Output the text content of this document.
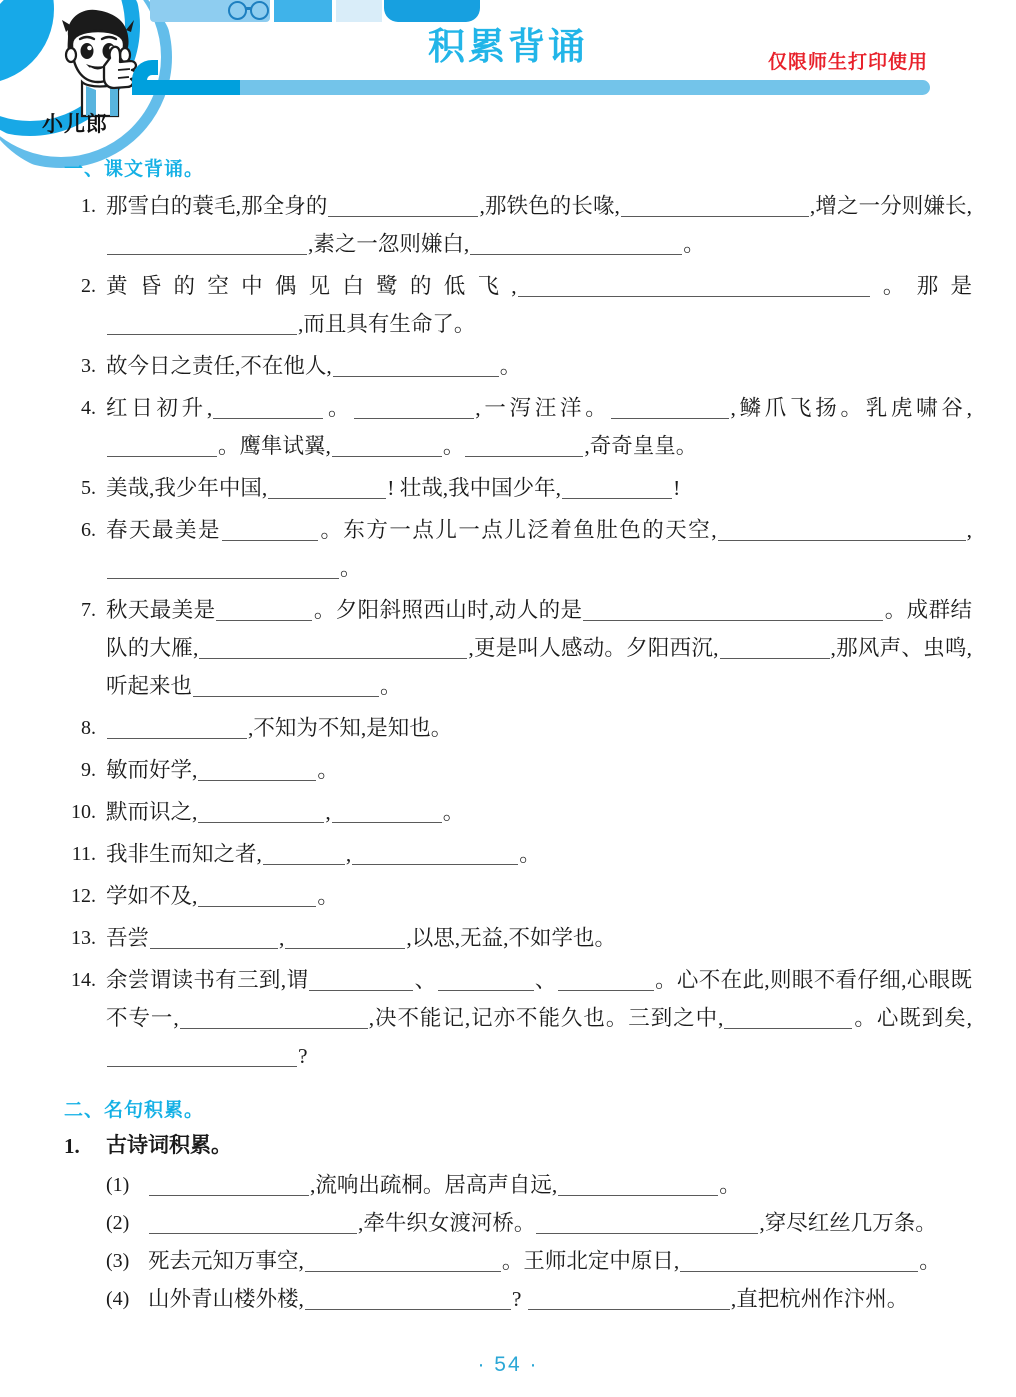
小儿郎
积累背诵	仅限师生打印使用
一、课文背诵。
1. 那雪白的蓑毛,那全身的	,那铁色的长喙,	,增之一分则嫌长,,素之一忽则嫌白,	。
2. 黄昏的空中偶见白鹭的低飞,	。那是,而且具有生命了。
3. 故今日之责任,不在他人,	。
4. 红日初升,	。	,一泻汪洋。	,鳞爪飞扬。乳虎啸谷,。鹰隼试翼,	。	,奇奇皇皇。
5. 美哉,我少年中国,	! 壮哉,我中国少年,	!
6. 春天最美是	。东方一点儿一点儿泛着鱼肚色的天空,	,。
7. 秋天最美是	。夕阳斜照西山时,动人的是	。成群结队的大雁,	,更是叫人感动。夕阳西沉,	,那风声、虫鸣,听起来也	。
8.	,不知为不知,是知也。
9. 敏而好学,	。
10. 默而识之,	,	。
11. 我非生而知之者,	,	。
12. 学如不及,	。
13. 吾尝	,	,以思,无益,不如学也。
14. 余尝谓读书有三到,谓	、	、	。心不在此,则眼不看仔细,心眼既不专一,	,决不能记,记亦不能久也。三到之中,	。心既到矣,?
二、名句积累。
1. 古诗词积累。
(1)	,流响出疏桐。居高声自远,	。
(2)	,牵牛织女渡河桥。	,穿尽红丝几万条。
(3) 死去元知万事空,	。王师北定中原日,	。
(4) 山外青山楼外楼,	?	,直把杭州作汴州。
· 54 ·
